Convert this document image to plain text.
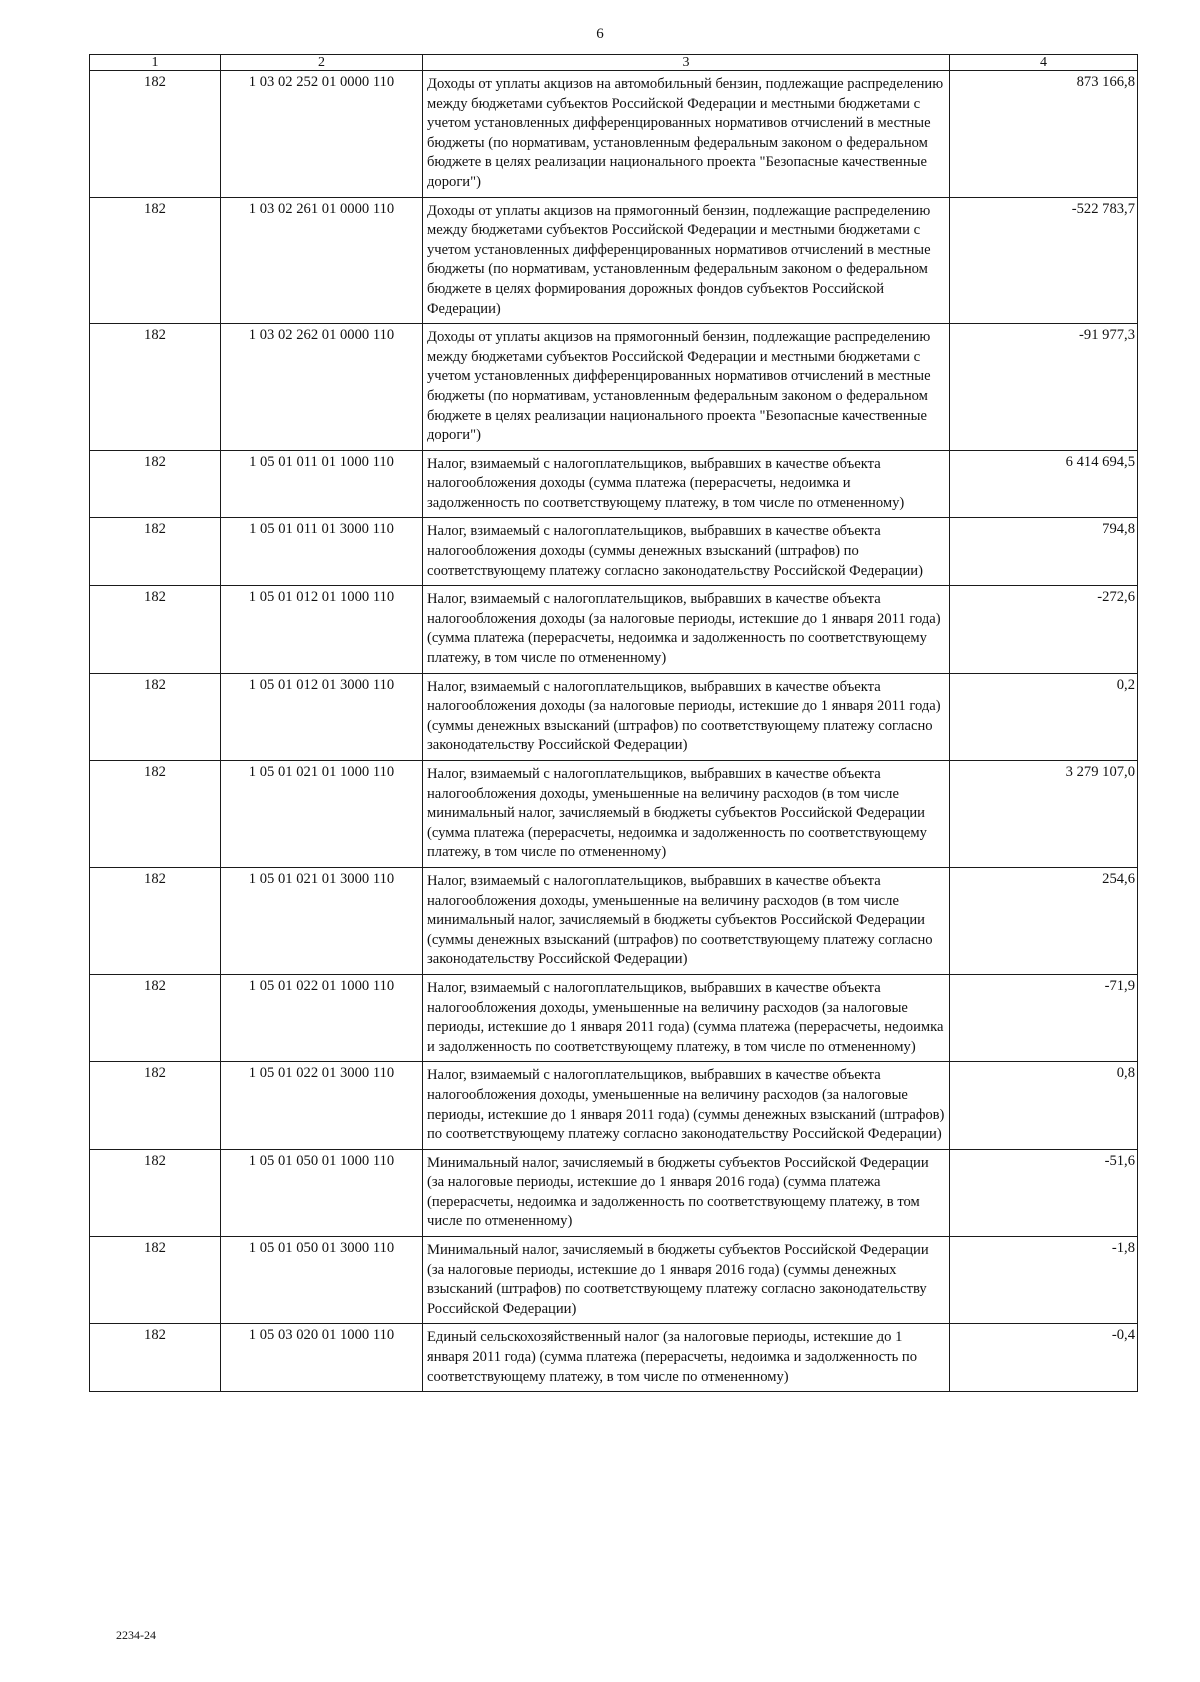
6
1	2	3	4
182	1 03 02 252 01 0000 110	Доходы от уплаты акцизов на автомобильный бензин, подлежащие распределению между бюджетами субъектов Российской Федерации и местными бюджетами с учетом установленных дифференцированных нормативов отчислений в местные бюджеты (по нормативам, установленным федеральным законом о федеральном бюджете в целях реализации национального проекта "Безопасные качественные дороги")	873 166,8
182	1 03 02 261 01 0000 110	Доходы от уплаты акцизов на прямогонный бензин, подлежащие распределению между бюджетами субъектов Российской Федерации и местными бюджетами с учетом установленных дифференцированных нормативов отчислений в местные бюджеты (по нормативам, установленным федеральным законом о федеральном бюджете в целях формирования дорожных фондов субъектов Российской Федерации)	-522 783,7
182	1 03 02 262 01 0000 110	Доходы от уплаты акцизов на прямогонный бензин, подлежащие распределению между бюджетами субъектов Российской Федерации и местными бюджетами с учетом установленных дифференцированных нормативов отчислений в местные бюджеты (по нормативам, установленным федеральным законом о федеральном бюджете в целях реализации национального проекта "Безопасные качественные дороги")	-91 977,3
182	1 05 01 011 01 1000 110	Налог, взимаемый с налогоплательщиков, выбравших в качестве объекта налогообложения доходы (сумма платежа (перерасчеты, недоимка и задолженность по соответствующему платежу, в том числе по отмененному)	6 414 694,5
182	1 05 01 011 01 3000 110	Налог, взимаемый с налогоплательщиков, выбравших в качестве объекта налогообложения доходы (суммы денежных взысканий (штрафов) по соответствующему платежу согласно законодательству Российской Федерации)	794,8
182	1 05 01 012 01 1000 110	Налог, взимаемый с налогоплательщиков, выбравших в качестве объекта налогообложения доходы (за налоговые периоды, истекшие до 1 января 2011 года) (сумма платежа (перерасчеты, недоимка и задолженность по соответствующему платежу, в том числе по отмененному)	-272,6
182	1 05 01 012 01 3000 110	Налог, взимаемый с налогоплательщиков, выбравших в качестве объекта налогообложения доходы (за налоговые периоды, истекшие до 1 января 2011 года) (суммы денежных взысканий (штрафов) по соответствующему платежу согласно законодательству Российской Федерации)	0,2
182	1 05 01 021 01 1000 110	Налог, взимаемый с налогоплательщиков, выбравших в качестве объекта налогообложения доходы, уменьшенные на величину расходов (в том числе минимальный налог, зачисляемый в бюджеты субъектов Российской Федерации (сумма платежа (перерасчеты, недоимка и задолженность по соответствующему платежу, в том числе по отмененному)	3 279 107,0
182	1 05 01 021 01 3000 110	Налог, взимаемый с налогоплательщиков, выбравших в качестве объекта налогообложения доходы, уменьшенные на величину расходов (в том числе минимальный налог, зачисляемый в бюджеты субъектов Российской Федерации (суммы денежных взысканий (штрафов) по соответствующему платежу согласно законодательству Российской Федерации)	254,6
182	1 05 01 022 01 1000 110	Налог, взимаемый с налогоплательщиков, выбравших в качестве объекта налогообложения доходы, уменьшенные на величину расходов (за налоговые периоды, истекшие до 1 января 2011 года) (сумма платежа (перерасчеты, недоимка и задолженность по соответствующему платежу, в том числе по отмененному)	-71,9
182	1 05 01 022 01 3000 110	Налог, взимаемый с налогоплательщиков, выбравших в качестве объекта налогообложения доходы, уменьшенные на величину расходов (за налоговые периоды, истекшие до 1 января 2011 года) (суммы денежных взысканий (штрафов) по соответствующему платежу согласно законодательству Российской Федерации)	0,8
182	1 05 01 050 01 1000 110	Минимальный налог, зачисляемый в бюджеты субъектов Российской Федерации (за налоговые периоды, истекшие до 1 января 2016 года) (сумма платежа (перерасчеты, недоимка и задолженность по соответствующему платежу, в том числе по отмененному)	-51,6
182	1 05 01 050 01 3000 110	Минимальный налог, зачисляемый в бюджеты субъектов Российской Федерации (за налоговые периоды, истекшие до 1 января 2016 года) (суммы денежных взысканий (штрафов) по соответствующему платежу согласно законодательству Российской Федерации)	-1,8
182	1 05 03 020 01 1000 110	Единый сельскохозяйственный налог (за налоговые периоды, истекшие до 1 января 2011 года) (сумма платежа (перерасчеты, недоимка и задолженность по соответствующему платежу, в том числе по отмененному)	-0,4
2234-24
